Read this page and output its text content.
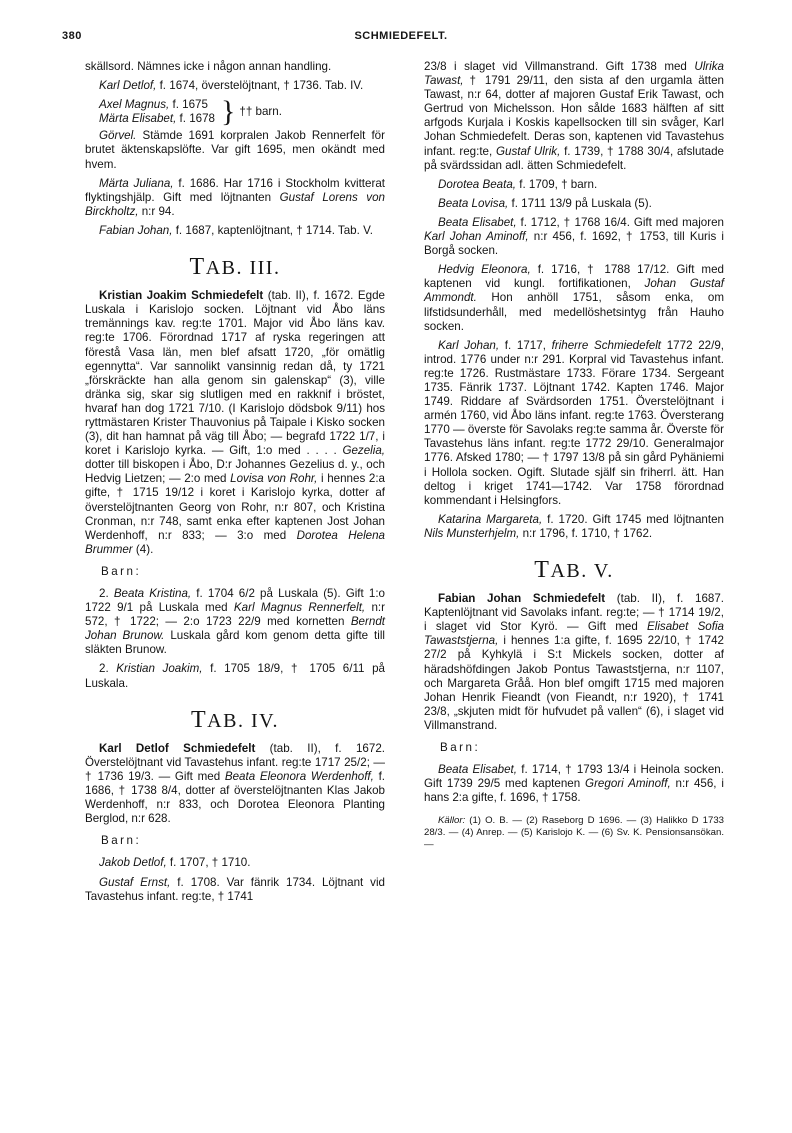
380	SCHMIEDEFELT.

skällsord. Nämnes icke i någon annan handling.

Karl Detlof, f. 1674, överstelöjtnant, † 1736. Tab. IV.

Axel Magnus, f. 1675
Märta Elisabet, f. 1678 } †† barn.

Görvel. Stämde 1691 korpralen Jakob Rennerfelt för brutet äktenskapslöfte. Var gift 1695, men okändt med hvem.

Märta Juliana, f. 1686. Har 1716 i Stockholm kvitterat flyktingshjälp. Gift med löjtnanten Gustaf Lorens von Birckholtz, n:r 94.

Fabian Johan, f. 1687, kaptenlöjtnant, † 1714. Tab. V.

TAB. III.

Kristian Joakim Schmiedefelt (tab. II), f. 1672. Egde Luskala i Karislojo socken. Löjtnant vid Åbo läns tremännings kav. reg:te 1701. Major vid Åbo läns kav. reg:te 1706. Förordnad 1717 af ryska regeringen att förestå Vasa län, men blef afsatt 1720, „för omätlig egennytta“. Var sannolikt vansinnig redan då, ty 1721 „förskräckte han alla genom sin galenskap“ (3), ville dränka sig, skar sig slutligen med en rakknif i bröstet, hvaraf han dog 1721 7/10. (I Karislojo dödsbok 9/11) hos ryttmästaren Krister Thauvonius på Taipale i Kisko socken (3), dit han hamnat på väg till Åbo; — begrafd 1722 1/7, i koret i Karislojo kyrka. — Gift, 1:o med . . . . Gezelia, dotter till biskopen i Åbo, D:r Johannes Gezelius d. y., och Hedvig Lietzen; — 2:o med Lovisa von Rohr, i hennes 2:a gifte, † 1715 19/12 i koret i Karislojo kyrka, dotter af överstelöjtnanten Georg von Rohr, n:r 807, och Kristina Cronman, n:r 748, samt enka efter kaptenen Jost Johan Werdenhoff, n:r 833; — 3:o med Dorotea Helena Brummer (4).

Barn:

2. Beata Kristina, f. 1704 6/2 på Luskala (5). Gift 1:o 1722 9/1 på Luskala med Karl Magnus Rennerfelt, n:r 572, † 1722; — 2:o 1723 22/9 med kornetten Berndt Johan Brunow. Luskala gård kom genom detta gifte till släkten Brunow.

2. Kristian Joakim, f. 1705 18/9, † 1705 6/11 på Luskala.

TAB. IV.

Karl Detlof Schmiedefelt (tab. II), f. 1672. Överstelöjtnant vid Tavastehus infant. reg:te 1717 25/2; — † 1736 19/3. — Gift med Beata Eleonora Werdenhoff, f. 1686, † 1738 8/4, dotter af överstelöjtnanten Klas Jakob Werdenhoff, n:r 833, och Dorotea Eleonora Planting Berglod, n:r 628.

Barn:

Jakob Detlof, f. 1707, † 1710.

Gustaf Ernst, f. 1708. Var fänrik 1734. Löjtnant vid Tavastehus infant. reg:te, † 1741

23/8 i slaget vid Villmanstrand. Gift 1738 med Ulrika Tawast, † 1791 29/11, den sista af den urgamla ätten Tawast, n:r 64, dotter af majoren Gustaf Erik Tawast, och Gertrud von Michelsson. Hon sålde 1683 hälften af sitt arfgods Kurjala i Koskis kapellsocken till sin svåger, Karl Johan Schmiedefelt. Deras son, kaptenen vid Tavastehus infant. reg:te, Gustaf Ulrik, f. 1739, † 1788 30/4, afslutade på svärdssidan adl. ätten Schmiedefelt.

Dorotea Beata, f. 1709, † barn.

Beata Lovisa, f. 1711 13/9 på Luskala (5).

Beata Elisabet, f. 1712, † 1768 16/4. Gift med majoren Karl Johan Aminoff, n:r 456, f. 1692, † 1753, till Kuris i Borgå socken.

Hedvig Eleonora, f. 1716, † 1788 17/12. Gift med kaptenen vid kungl. fortifikationen, Johan Gustaf Ammondt. Hon anhöll 1751, såsom enka, om lifstidsunderhåll, med medellöshetsintyg från Hauho socken.

Karl Johan, f. 1717, friherre Schmiedefelt 1772 22/9, introd. 1776 under n:r 291. Korpral vid Tavastehus infant. reg:te 1726. Rustmästare 1733. Förare 1734. Sergeant 1735. Fänrik 1737. Löjtnant 1742. Kapten 1746. Major 1749. Riddare af Svärdsorden 1751. Överstelöjtnant i armén 1760, vid Åbo läns infant. reg:te 1763. Översterang 1770 — överste för Savolaks reg:te samma år. Överste för Tavastehus läns infant. reg:te 1772 29/10. Generalmajor 1776. Afsked 1780; — † 1797 13/8 på sin gård Pyhäniemi i Hollola socken. Ogift. Slutade själf sin friherrl. ätt. Han deltog i kriget 1741—1742. Var 1758 förordnad kommendant i Helsingfors.

Katarina Margareta, f. 1720. Gift 1745 med löjtnanten Nils Munsterhjelm, n:r 1796, f. 1710, † 1762.

TAB. V.

Fabian Johan Schmiedefelt (tab. II), f. 1687. Kaptenlöjtnant vid Savolaks infant. reg:te; — † 1714 19/2, i slaget vid Stor Kyrö. — Gift med Elisabet Sofia Tawaststjerna, i hennes 1:a gifte, f. 1695 22/10, † 1742 27/2 på Kyhkylä i S:t Mickels socken, dotter af häradshöfdingen Jakob Pontus Tawaststjerna, n:r 1107, och Margareta Gråå. Hon blef omgift 1715 med majoren Johan Henrik Fieandt (von Fieandt, n:r 1920), † 1741 23/8, „skjuten midt för hufvudet på vallen“ (6), i slaget vid Villmanstrand.

Barn:

Beata Elisabet, f. 1714, † 1793 13/4 i Heinola socken. Gift 1739 29/5 med kaptenen Gregori Aminoff, n:r 456, i hans 2:a gifte, f. 1696, † 1758.

Källor: (1) O. B. — (2) Raseborg D 1696. — (3) Halikko D 1733 28/3. — (4) Anrep. — (5) Karislojo K. — (6) Sv. K. Pensionsansökan. —
